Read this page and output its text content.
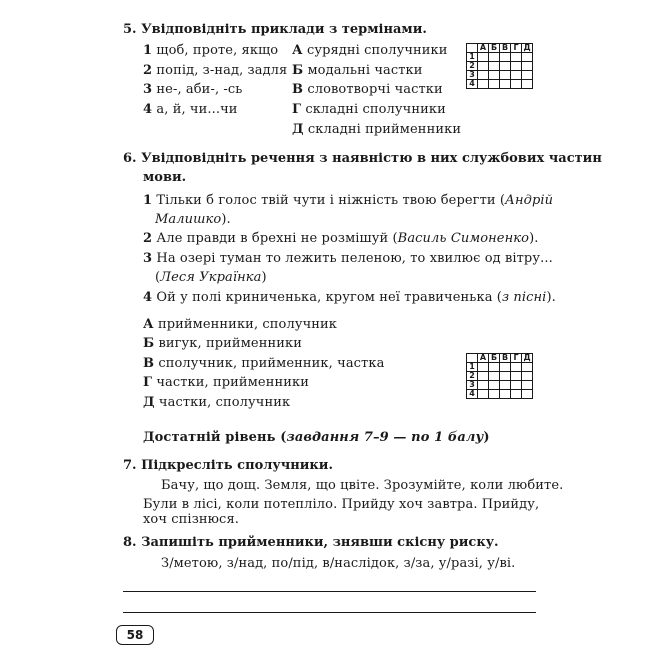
5. Увідповідніть приклади з термінами.
1 щоб, проте, якщо
2 попід, з-над, задля
3 не-, аби-, -сь
4 а, й, чи...чи
А сурядні сполучники
Б модальні частки
В словотворчі частки
Г складні сполучники
Д складні прийменники
	А	Б	В	Г	Д
1					
2					
3					
4					
6. Увідповідніть речення з наявністю в них службових частин
мови.
1 Тільки б голос твій чути і ніжність твою берегти (Андрій
Малишко).
2 Але правди в брехні не розмішуй (Василь Симоненко).
3 На озері туман то лежить пеленою, то хвилює од вітру...
(Леся Українка)
4 Ой у полі криниченька, кругом неї травиченька (з пісні).
А прийменники, сполучник
Б вигук, прийменники
В сполучник, прийменник, частка
Г частки, прийменники
Д частки, сполучник
	А	Б	В	Г	Д
1					
2					
3					
4					
Достатній рівень (завдання 7–9 — по 1 балу)
7. Підкресліть сполучники.
Бачу, що дощ. Земля, що цвіте. Зрозумійте, коли любите.
Були в лісі, коли потепліло. Прийду хоч завтра. Прийду,
хоч спізнюся.
8. Запишіть прийменники, знявши скісну риску.
З/метою, з/над, по/під, в/наслідок, з/за, у/разі, у/ві.
58
